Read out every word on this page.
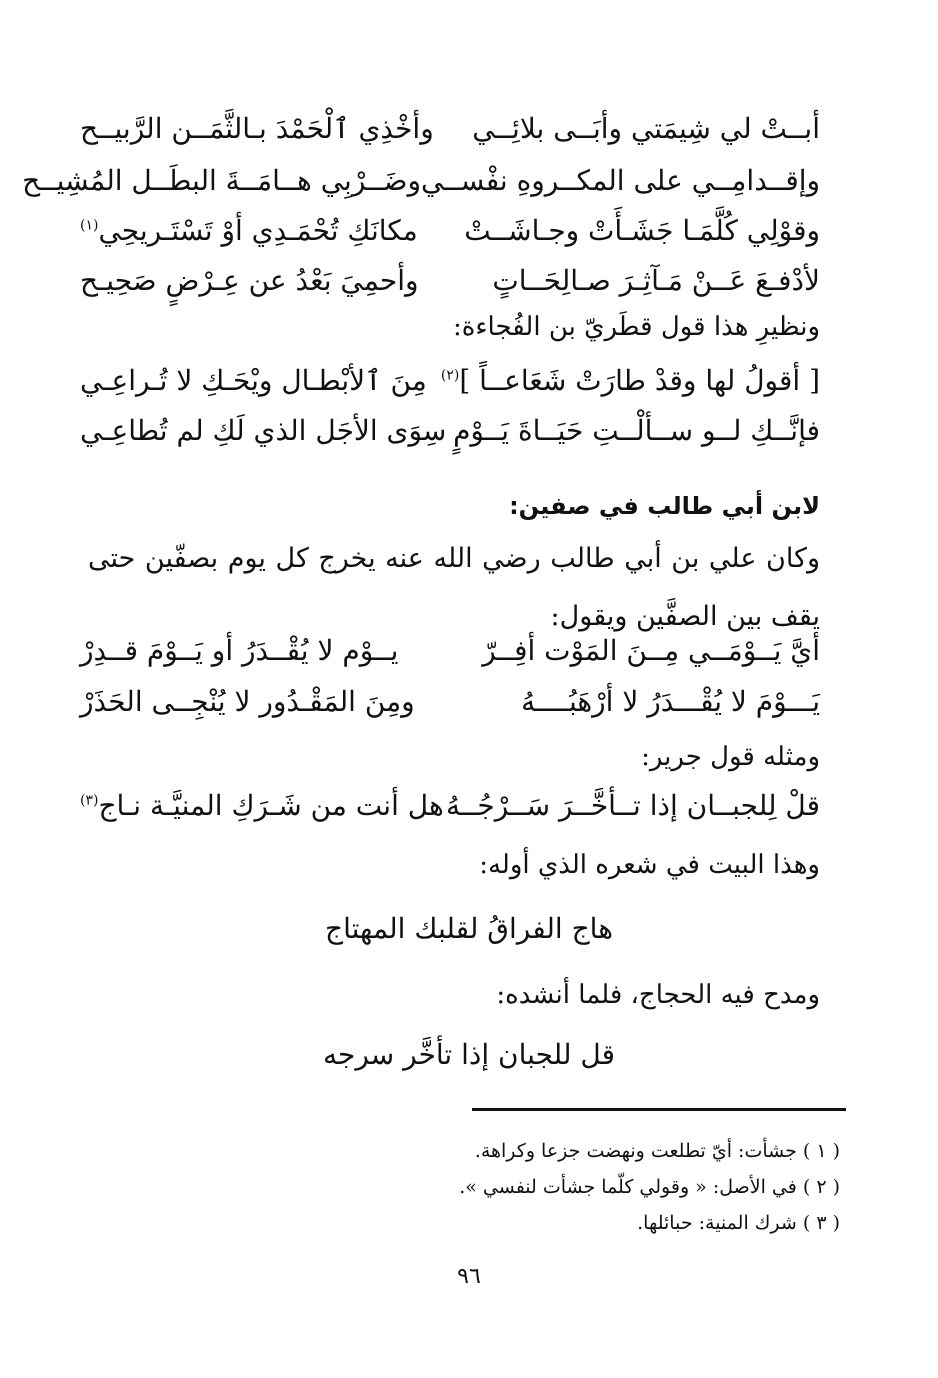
أبــتْ لي شِيمَتي وأبَــى بلائِــي
وأخْذِي ٱلْحَمْدَ بـالثَّمَــن الرَّبيــح
وإقــدامِــي على المكــروهِ نفْســي
وضَــرْبِي هــامَــةَ البطَــل المُشِيــح
وقوْلِي كُلَّمَـا جَشَـأَتْ وجـاشَــتْ
مكانَكِ تُحْمَـدِي أوْ تَسْتَـريحِي$^{(١)}$
لأدْفـعَ عَــنْ مَـآثِـرَ صـالِحَــاتٍ
وأحمِيَ بَعْدُ عن عِـرْضٍ صَحِيـح
ونظيرِ هذا قول قطَريّ بن الفُجاءة:
[ أقولُ لها وقدْ طارَتْ شَعَاعــاً ]$^{(٢)}$
مِنَ ٱلأبْطـال ويْحَـكِ لا تُـراعِـي
فإنَّــكِ لــو ســألْــتِ حَيَــاةَ يَــوْمٍ
سِوَى الأجَل الذي لَكِ لم تُطاعِـي
لابن أبي طالب في صفين:
وكان علي بن أبي طالب رضي الله عنه يخرج كل يوم بصفّين حتى يقف بين الصفَّين ويقول:
أيَّ يَــوْمَــي مِــنَ المَوْت أفِــرّ
يــوْم لا يُقْــدَرُ أو يَــوْمَ قــدِرْ
يَـــوْمَ لا يُقْـــدَرُ لا أرْهَبُــــهُ
ومِنَ المَقْـدُور لا يُنْجِــى الحَذَرْ
ومثله قول جرير:
قلْ لِلجبــان إذا تــأخَّــرَ سَــرْجُــهُ
هل أنت من شَـرَكِ المنيَّـة نـاج$^{(٣)}$
وهذا البيت في شعره الذي أوله:
هاج الفراقُ لقلبك المهتاج
ومدح فيه الحجاج، فلما أنشده:
قل للجبان إذا تأخَّر سرجه
( ١ ) جشأت: أيّ تطلعت ونهضت جزعا وكراهة.
( ٢ ) في الأصل: « وقولي كلّما جشأت لنفسي ».
( ٣ ) شرك المنية: حبائلها.
٩٦
